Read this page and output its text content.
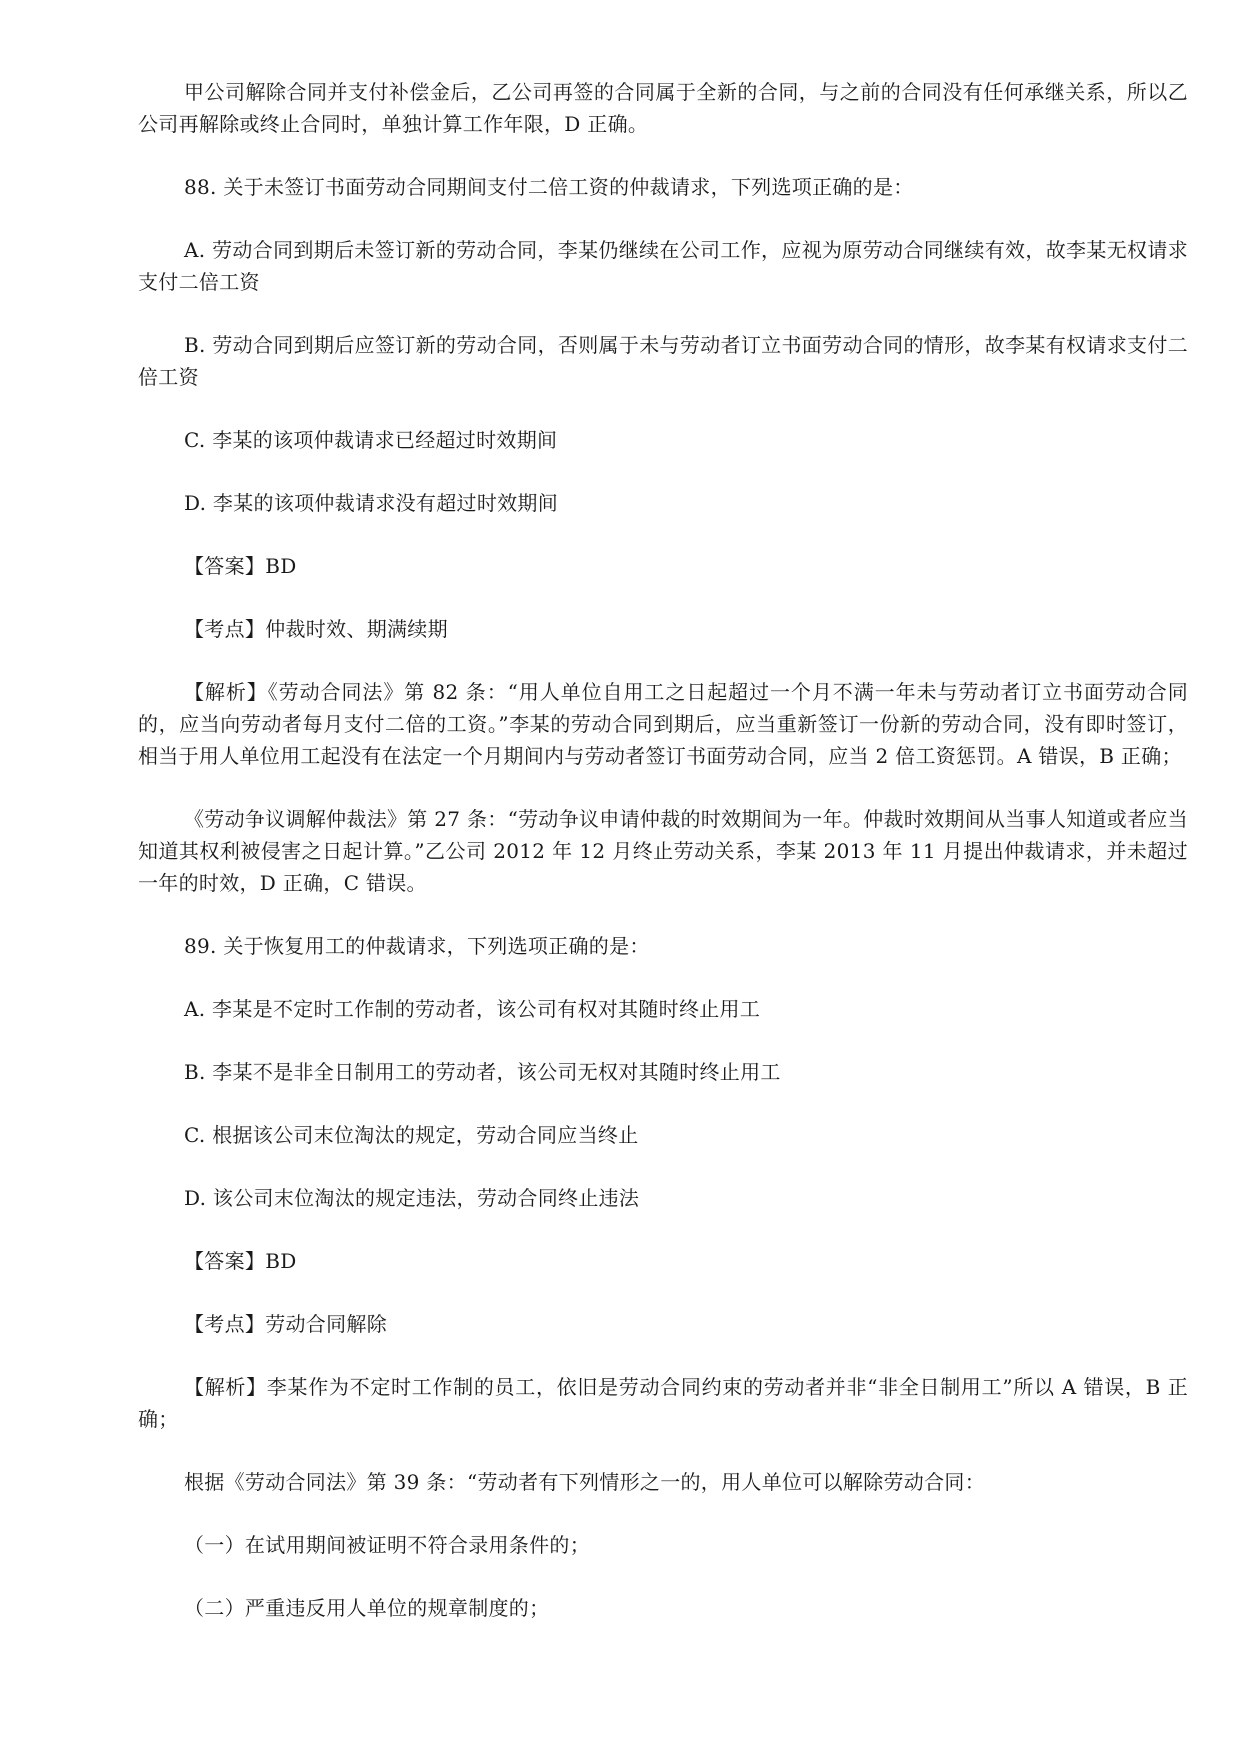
甲公司解除合同并支付补偿金后，乙公司再签的合同属于全新的合同，与之前的合同没有任何承继关系，所以乙公司再解除或终止合同时，单独计算工作年限，D 正确。

88. 关于未签订书面劳动合同期间支付二倍工资的仲裁请求，下列选项正确的是：

A. 劳动合同到期后未签订新的劳动合同，李某仍继续在公司工作，应视为原劳动合同继续有效，故李某无权请求支付二倍工资

B. 劳动合同到期后应签订新的劳动合同，否则属于未与劳动者订立书面劳动合同的情形，故李某有权请求支付二倍工资

C. 李某的该项仲裁请求已经超过时效期间

D. 李某的该项仲裁请求没有超过时效期间

【答案】BD

【考点】仲裁时效、期满续期

【解析】《劳动合同法》第 82 条：“用人单位自用工之日起超过一个月不满一年未与劳动者订立书面劳动合同的，应当向劳动者每月支付二倍的工资。”李某的劳动合同到期后，应当重新签订一份新的劳动合同，没有即时签订，相当于用人单位用工起没有在法定一个月期间内与劳动者签订书面劳动合同，应当 2 倍工资惩罚。A 错误，B 正确；

《劳动争议调解仲裁法》第 27 条：“劳动争议申请仲裁的时效期间为一年。仲裁时效期间从当事人知道或者应当知道其权利被侵害之日起计算。”乙公司 2012 年 12 月终止劳动关系，李某 2013 年 11 月提出仲裁请求，并未超过一年的时效，D 正确，C 错误。

89. 关于恢复用工的仲裁请求，下列选项正确的是：

A. 李某是不定时工作制的劳动者，该公司有权对其随时终止用工

B. 李某不是非全日制用工的劳动者，该公司无权对其随时终止用工

C. 根据该公司末位淘汰的规定，劳动合同应当终止

D. 该公司末位淘汰的规定违法，劳动合同终止违法

【答案】BD

【考点】劳动合同解除

【解析】李某作为不定时工作制的员工，依旧是劳动合同约束的劳动者并非“非全日制用工”所以 A 错误，B 正确；

根据《劳动合同法》第 39 条：“劳动者有下列情形之一的，用人单位可以解除劳动合同：

（一）在试用期间被证明不符合录用条件的；

（二）严重违反用人单位的规章制度的；
